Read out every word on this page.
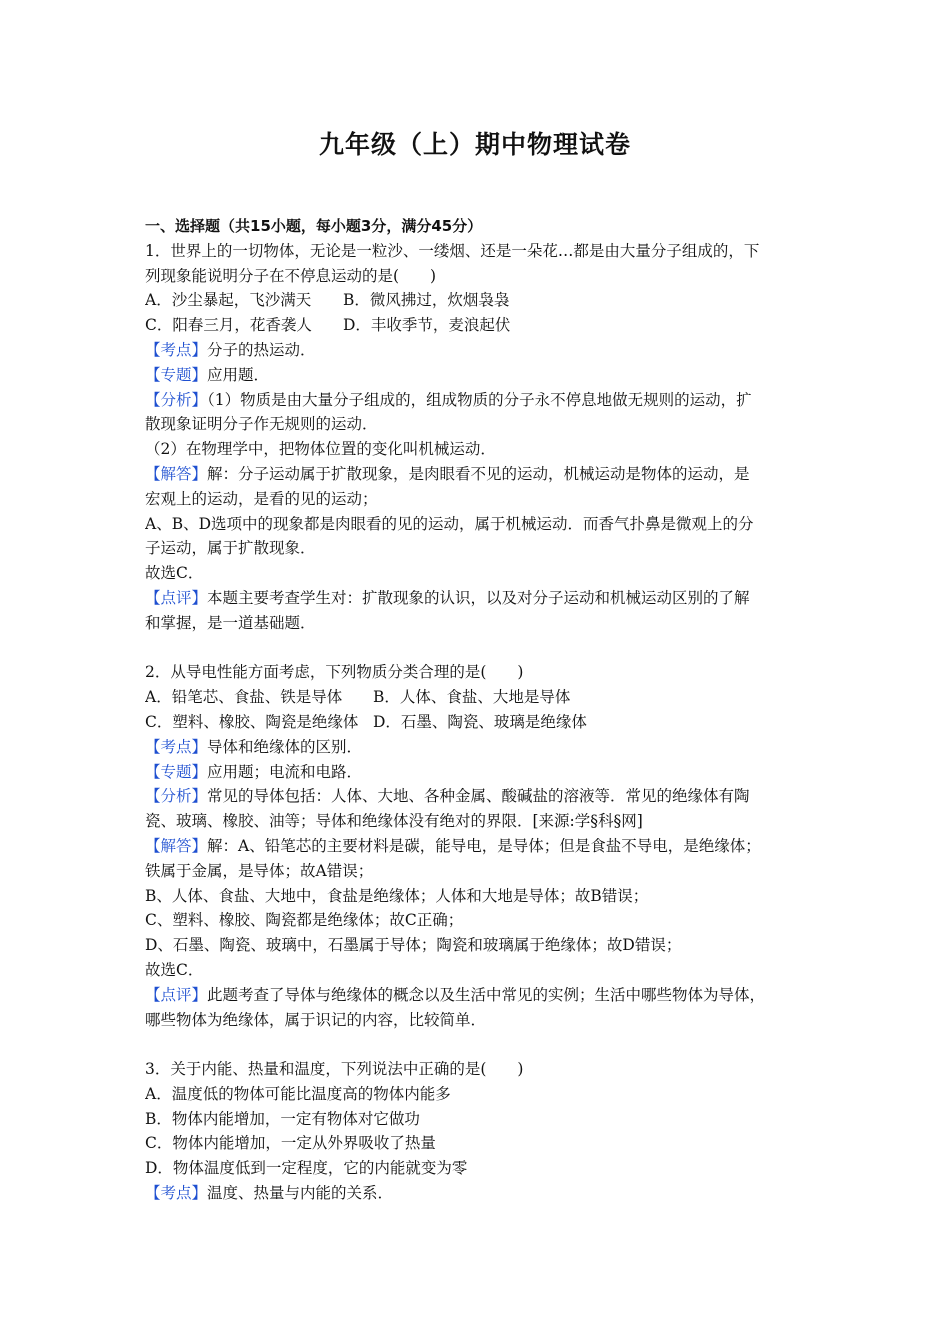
九年级（上）期中物理试卷
一、选择题（共15小题，每小题3分，满分45分）
1．世界上的一切物体，无论是一粒沙、一缕烟、还是一朵花…都是由大量分子组成的，下
列现象能说明分子在不停息运动的是(　　)
A．沙尘暴起，飞沙满天 B．微风拂过，炊烟袅袅
C．阳春三月，花香袭人 D．丰收季节，麦浪起伏
【考点】分子的热运动．
【专题】应用题．
【分析】（1）物质是由大量分子组成的，组成物质的分子永不停息地做无规则的运动，扩
散现象证明分子作无规则的运动．
（2）在物理学中，把物体位置的变化叫机械运动．
【解答】解：分子运动属于扩散现象，是肉眼看不见的运动，机械运动是物体的运动，是
宏观上的运动，是看的见的运动；
A、B、D选项中的现象都是肉眼看的见的运动，属于机械运动．而香气扑鼻是微观上的分
子运动，属于扩散现象．
故选C．
【点评】本题主要考查学生对：扩散现象的认识，以及对分子运动和机械运动区别的了解
和掌握，是一道基础题．
2．从导电性能方面考虑，下列物质分类合理的是(　　)
A．铅笔芯、食盐、铁是导体 B．人体、食盐、大地是导体
C．塑料、橡胶、陶瓷是绝缘体 D．石墨、陶瓷、玻璃是绝缘体
【考点】导体和绝缘体的区别．
【专题】应用题；电流和电路．
【分析】常见的导体包括：人体、大地、各种金属、酸碱盐的溶液等．常见的绝缘体有陶
瓷、玻璃、橡胶、油等；导体和绝缘体没有绝对的界限．[来源:学§科§网]
【解答】解：A、铅笔芯的主要材料是碳，能导电，是导体；但是食盐不导电，是绝缘体；
铁属于金属，是导体；故A错误；
B、人体、食盐、大地中，食盐是绝缘体；人体和大地是导体；故B错误；
C、塑料、橡胶、陶瓷都是绝缘体；故C正确；
D、石墨、陶瓷、玻璃中，石墨属于导体；陶瓷和玻璃属于绝缘体；故D错误；
故选C．
【点评】此题考查了导体与绝缘体的概念以及生活中常见的实例；生活中哪些物体为导体，
哪些物体为绝缘体，属于识记的内容，比较简单．
3．关于内能、热量和温度，下列说法中正确的是(　　)
A．温度低的物体可能比温度高的物体内能多
B．物体内能增加，一定有物体对它做功
C．物体内能增加，一定从外界吸收了热量
D．物体温度低到一定程度，它的内能就变为零
【考点】温度、热量与内能的关系．
